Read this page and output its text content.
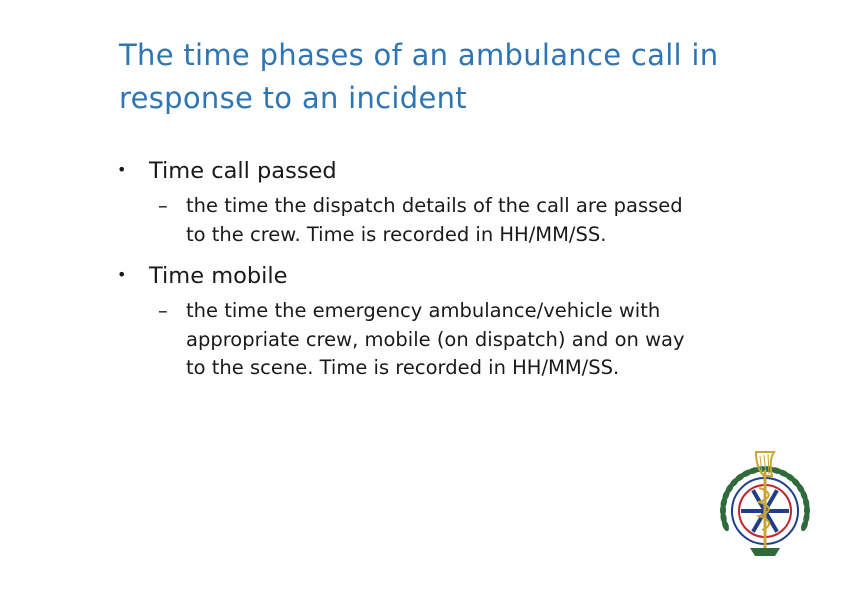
The time phases of an ambulance call in
response to an incident
• Time call passed
– the time the dispatch details of the call are passed
to the crew. Time is recorded in HH/MM/SS.
• Time mobile
– the time the emergency ambulance/vehicle with
appropriate crew, mobile (on dispatch) and on way
to the scene. Time is recorded in HH/MM/SS.
